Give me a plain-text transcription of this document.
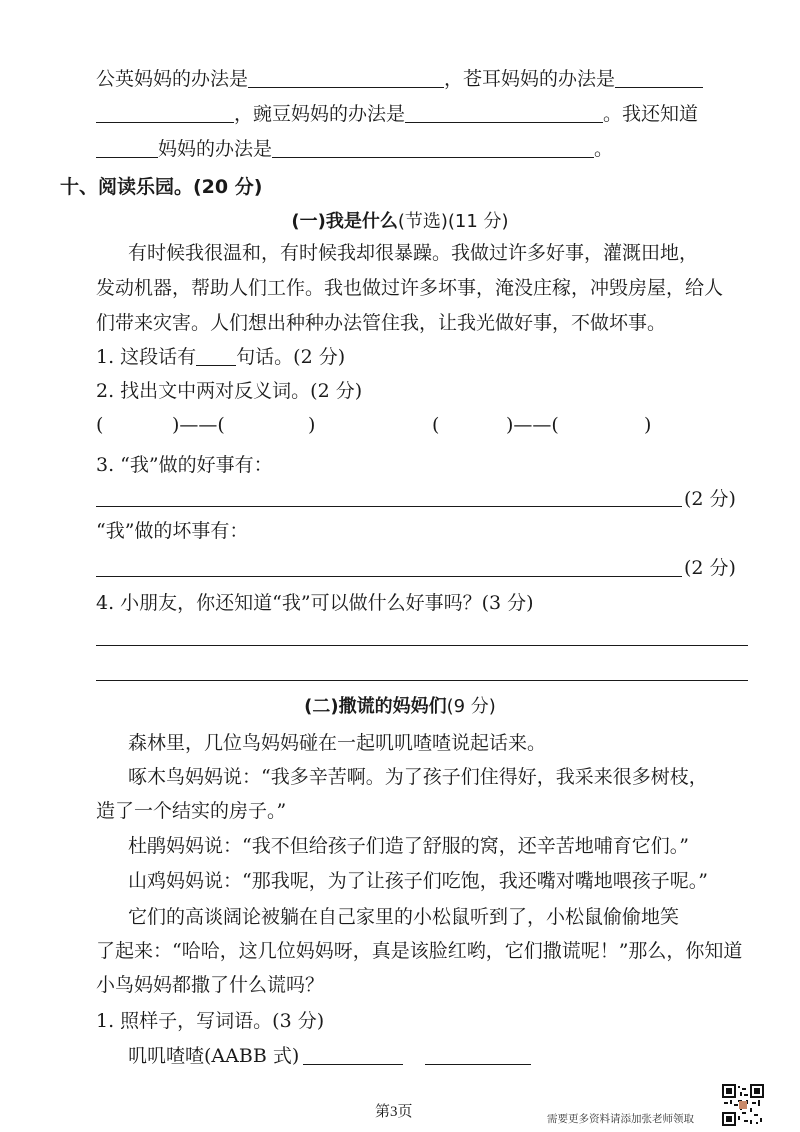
公英妈妈的办法是	，苍耳妈妈的办法是
，豌豆妈妈的办法是	。我还知道
妈妈的办法是	。
十、阅读乐园。(20 分)
(一)我是什么(节选)(11 分)
有时候我很温和，有时候我却很暴躁。我做过许多好事，灌溉田地，
发动机器，帮助人们工作。我也做过许多坏事，淹没庄稼，冲毁房屋，给人
们带来灾害。人们想出种种办法管住我，让我光做好事，不做坏事。
1. 这段话有 句话。(2 分)
2. 找出文中两对反义词。(2 分)
(	)——(	)	(	)——(	)
3. “我”做的好事有：
(2 分)
“我”做的坏事有：
(2 分)
4. 小朋友，你还知道“我”可以做什么好事吗？(3 分)
(二)撒谎的妈妈们(9 分)
森林里，几位鸟妈妈碰在一起叽叽喳喳说起话来。
啄木鸟妈妈说：“我多辛苦啊。为了孩子们住得好，我采来很多树枝，
造了一个结实的房子。”
杜鹃妈妈说：“我不但给孩子们造了舒服的窝，还辛苦地哺育它们。”
山鸡妈妈说：“那我呢，为了让孩子们吃饱，我还嘴对嘴地喂孩子呢。”
它们的高谈阔论被躺在自己家里的小松鼠听到了，小松鼠偷偷地笑
了起来：“哈哈，这几位妈妈呀，真是该脸红哟，它们撒谎呢！”那么，你知道
小鸟妈妈都撒了什么谎吗？
1. 照样子，写词语。(3 分)
叽叽喳喳(AABB 式)
第3页	需要更多资料请添加张老师领取
